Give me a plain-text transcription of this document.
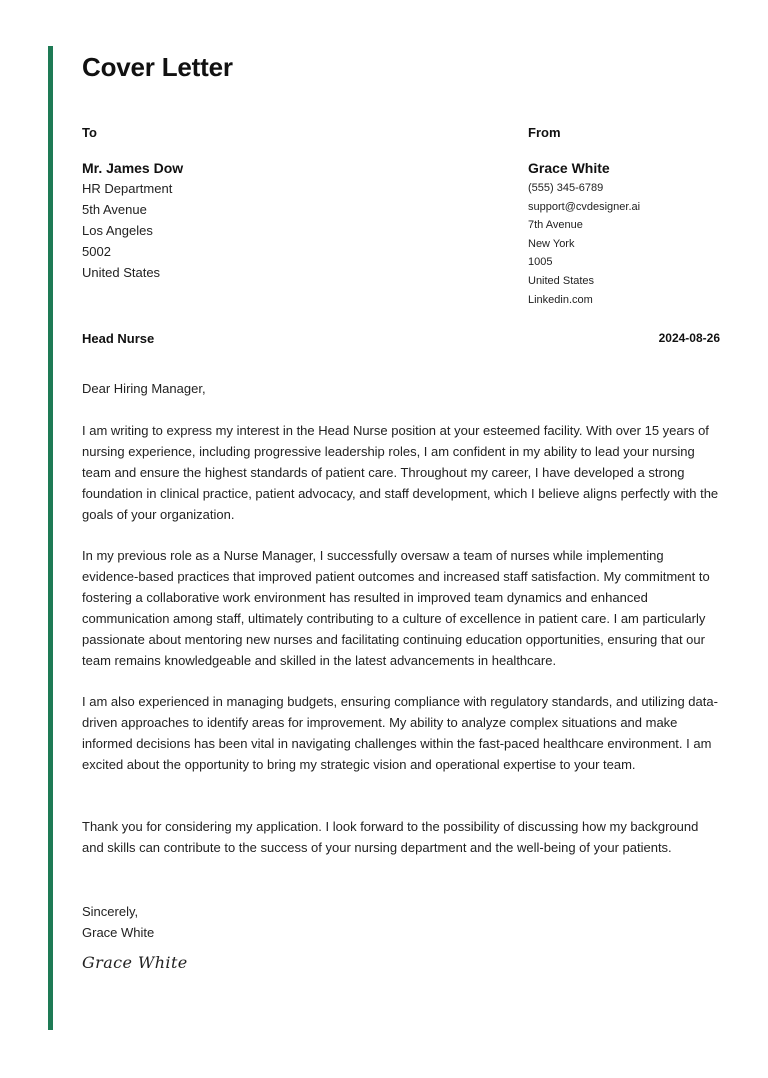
Cover Letter
To	From
Mr. James Dow
HR Department
5th Avenue
Los Angeles
5002
United States
Grace White
(555) 345-6789
support@cvdesigner.ai
7th Avenue
New York
1005
United States
Linkedin.com
Head Nurse	2024-08-26
Dear Hiring Manager,

I am writing to express my interest in the Head Nurse position at your esteemed facility. With over 15 years of nursing experience, including progressive leadership roles, I am confident in my ability to lead your nursing team and ensure the highest standards of patient care. Throughout my career, I have developed a strong foundation in clinical practice, patient advocacy, and staff development, which I believe aligns perfectly with the goals of your organization.

In my previous role as a Nurse Manager, I successfully oversaw a team of nurses while implementing evidence-based practices that improved patient outcomes and increased staff satisfaction. My commitment to fostering a collaborative work environment has resulted in improved team dynamics and enhanced communication among staff, ultimately contributing to a culture of excellence in patient care. I am particularly passionate about mentoring new nurses and facilitating continuing education opportunities, ensuring that our team remains knowledgeable and skilled in the latest advancements in healthcare.

I am also experienced in managing budgets, ensuring compliance with regulatory standards, and utilizing data-driven approaches to identify areas for improvement. My ability to analyze complex situations and make informed decisions has been vital in navigating challenges within the fast-paced healthcare environment. I am excited about the opportunity to bring my strategic vision and operational expertise to your team.

Thank you for considering my application. I look forward to the possibility of discussing how my background and skills can contribute to the success of your nursing department and the well-being of your patients.

Sincerely,
Grace White
Grace White
